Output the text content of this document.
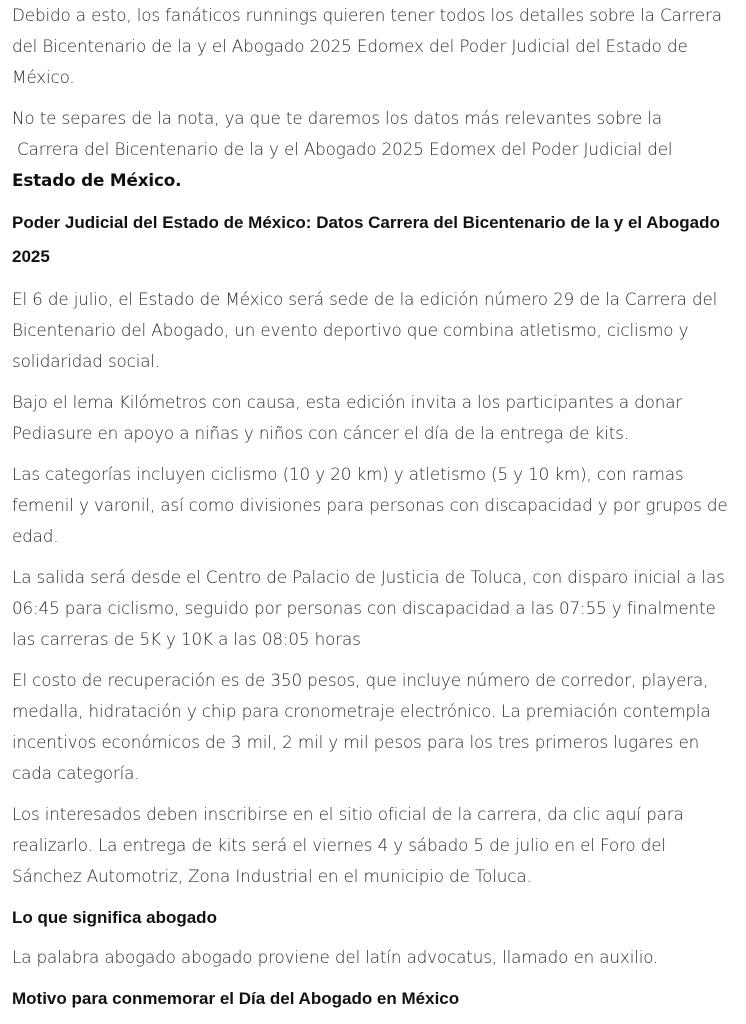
Debido a esto, los fanáticos runnings quieren tener todos los detalles sobre la Carrera del Bicentenario de la y el Abogado 2025 Edomex del Poder Judicial del Estado de México.

No te separes de la nota, ya que te daremos los datos más relevantes sobre la
Carrera del Bicentenario de la y el Abogado 2025 Edomex del Poder Judicial del
Estado de México.

Poder Judicial del Estado de México: Datos Carrera del Bicentenario de la y el Abogado 2025

El 6 de julio, el Estado de México será sede de la edición número 29 de la Carrera del Bicentenario del Abogado, un evento deportivo que combina atletismo, ciclismo y solidaridad social.

Bajo el lema Kilómetros con causa, esta edición invita a los participantes a donar Pediasure en apoyo a niñas y niños con cáncer el día de la entrega de kits.

Las categorías incluyen ciclismo (10 y 20 km) y atletismo (5 y 10 km), con ramas femenil y varonil, así como divisiones para personas con discapacidad y por grupos de edad.

La salida será desde el Centro de Palacio de Justicia de Toluca, con disparo inicial a las 06:45 para ciclismo, seguido por personas con discapacidad a las 07:55 y finalmente las carreras de 5K y 10K a las 08:05 horas

El costo de recuperación es de 350 pesos, que incluye número de corredor, playera, medalla, hidratación y chip para cronometraje electrónico. La premiación contempla incentivos económicos de 3 mil, 2 mil y mil pesos para los tres primeros lugares en cada categoría.

Los interesados deben inscribirse en el sitio oficial de la carrera, da clic aquí para realizarlo. La entrega de kits será el viernes 4 y sábado 5 de julio en el Foro del Sánchez Automotriz, Zona Industrial en el municipio de Toluca.

Lo que significa abogado

La palabra abogado abogado proviene del latín advocatus, llamado en auxilio.

Motivo para conmemorar el Día del Abogado en México
